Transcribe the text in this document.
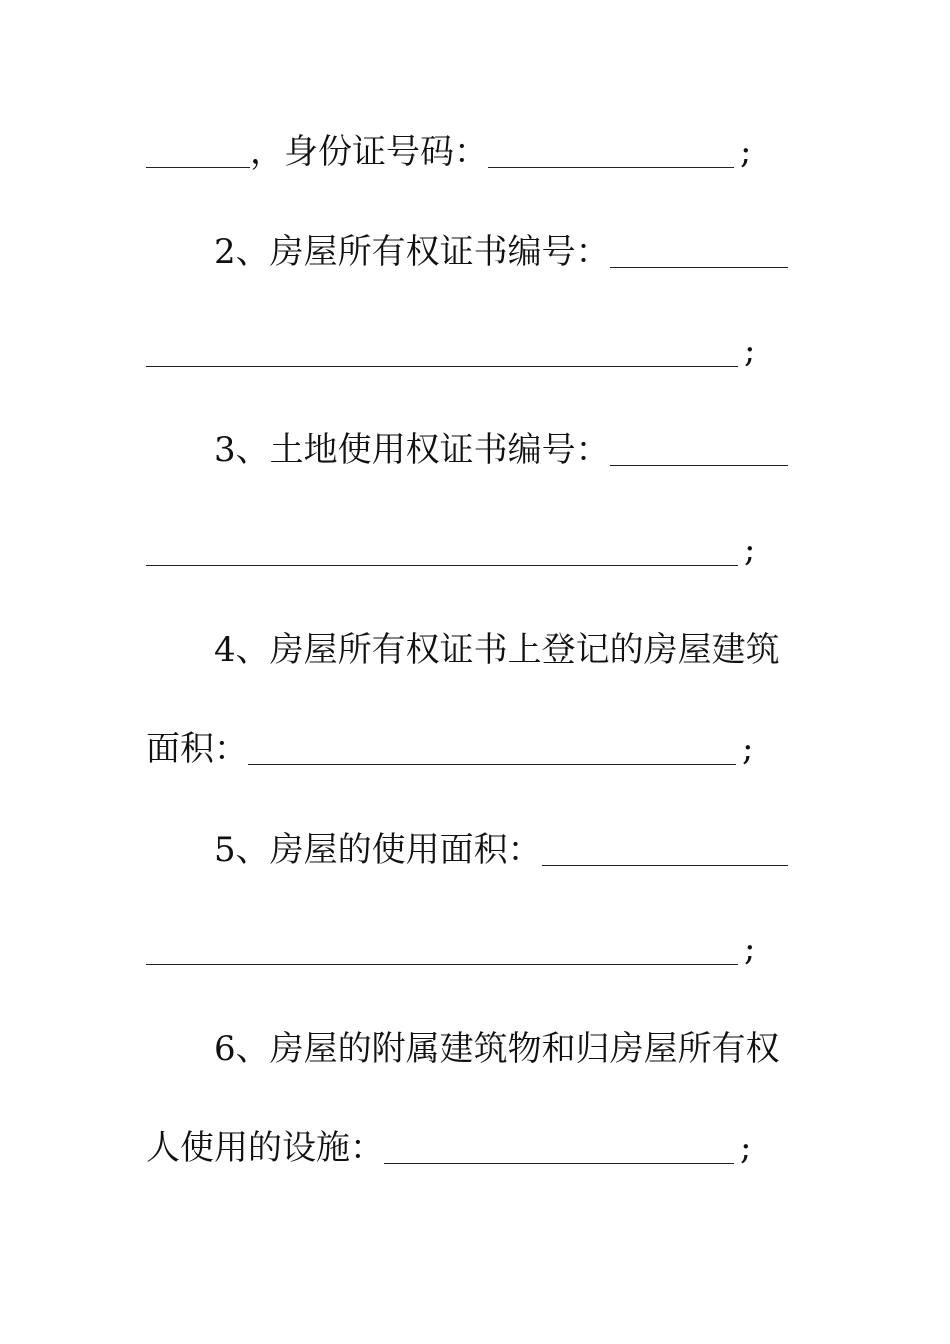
，身份证号码：	;
2、房屋所有权证书编号：
;
3、土地使用权证书编号：
;
4、房屋所有权证书上登记的房屋建筑
面积：	;
5、房屋的使用面积：
;
6、房屋的附属建筑物和归房屋所有权
人使用的设施：	;
